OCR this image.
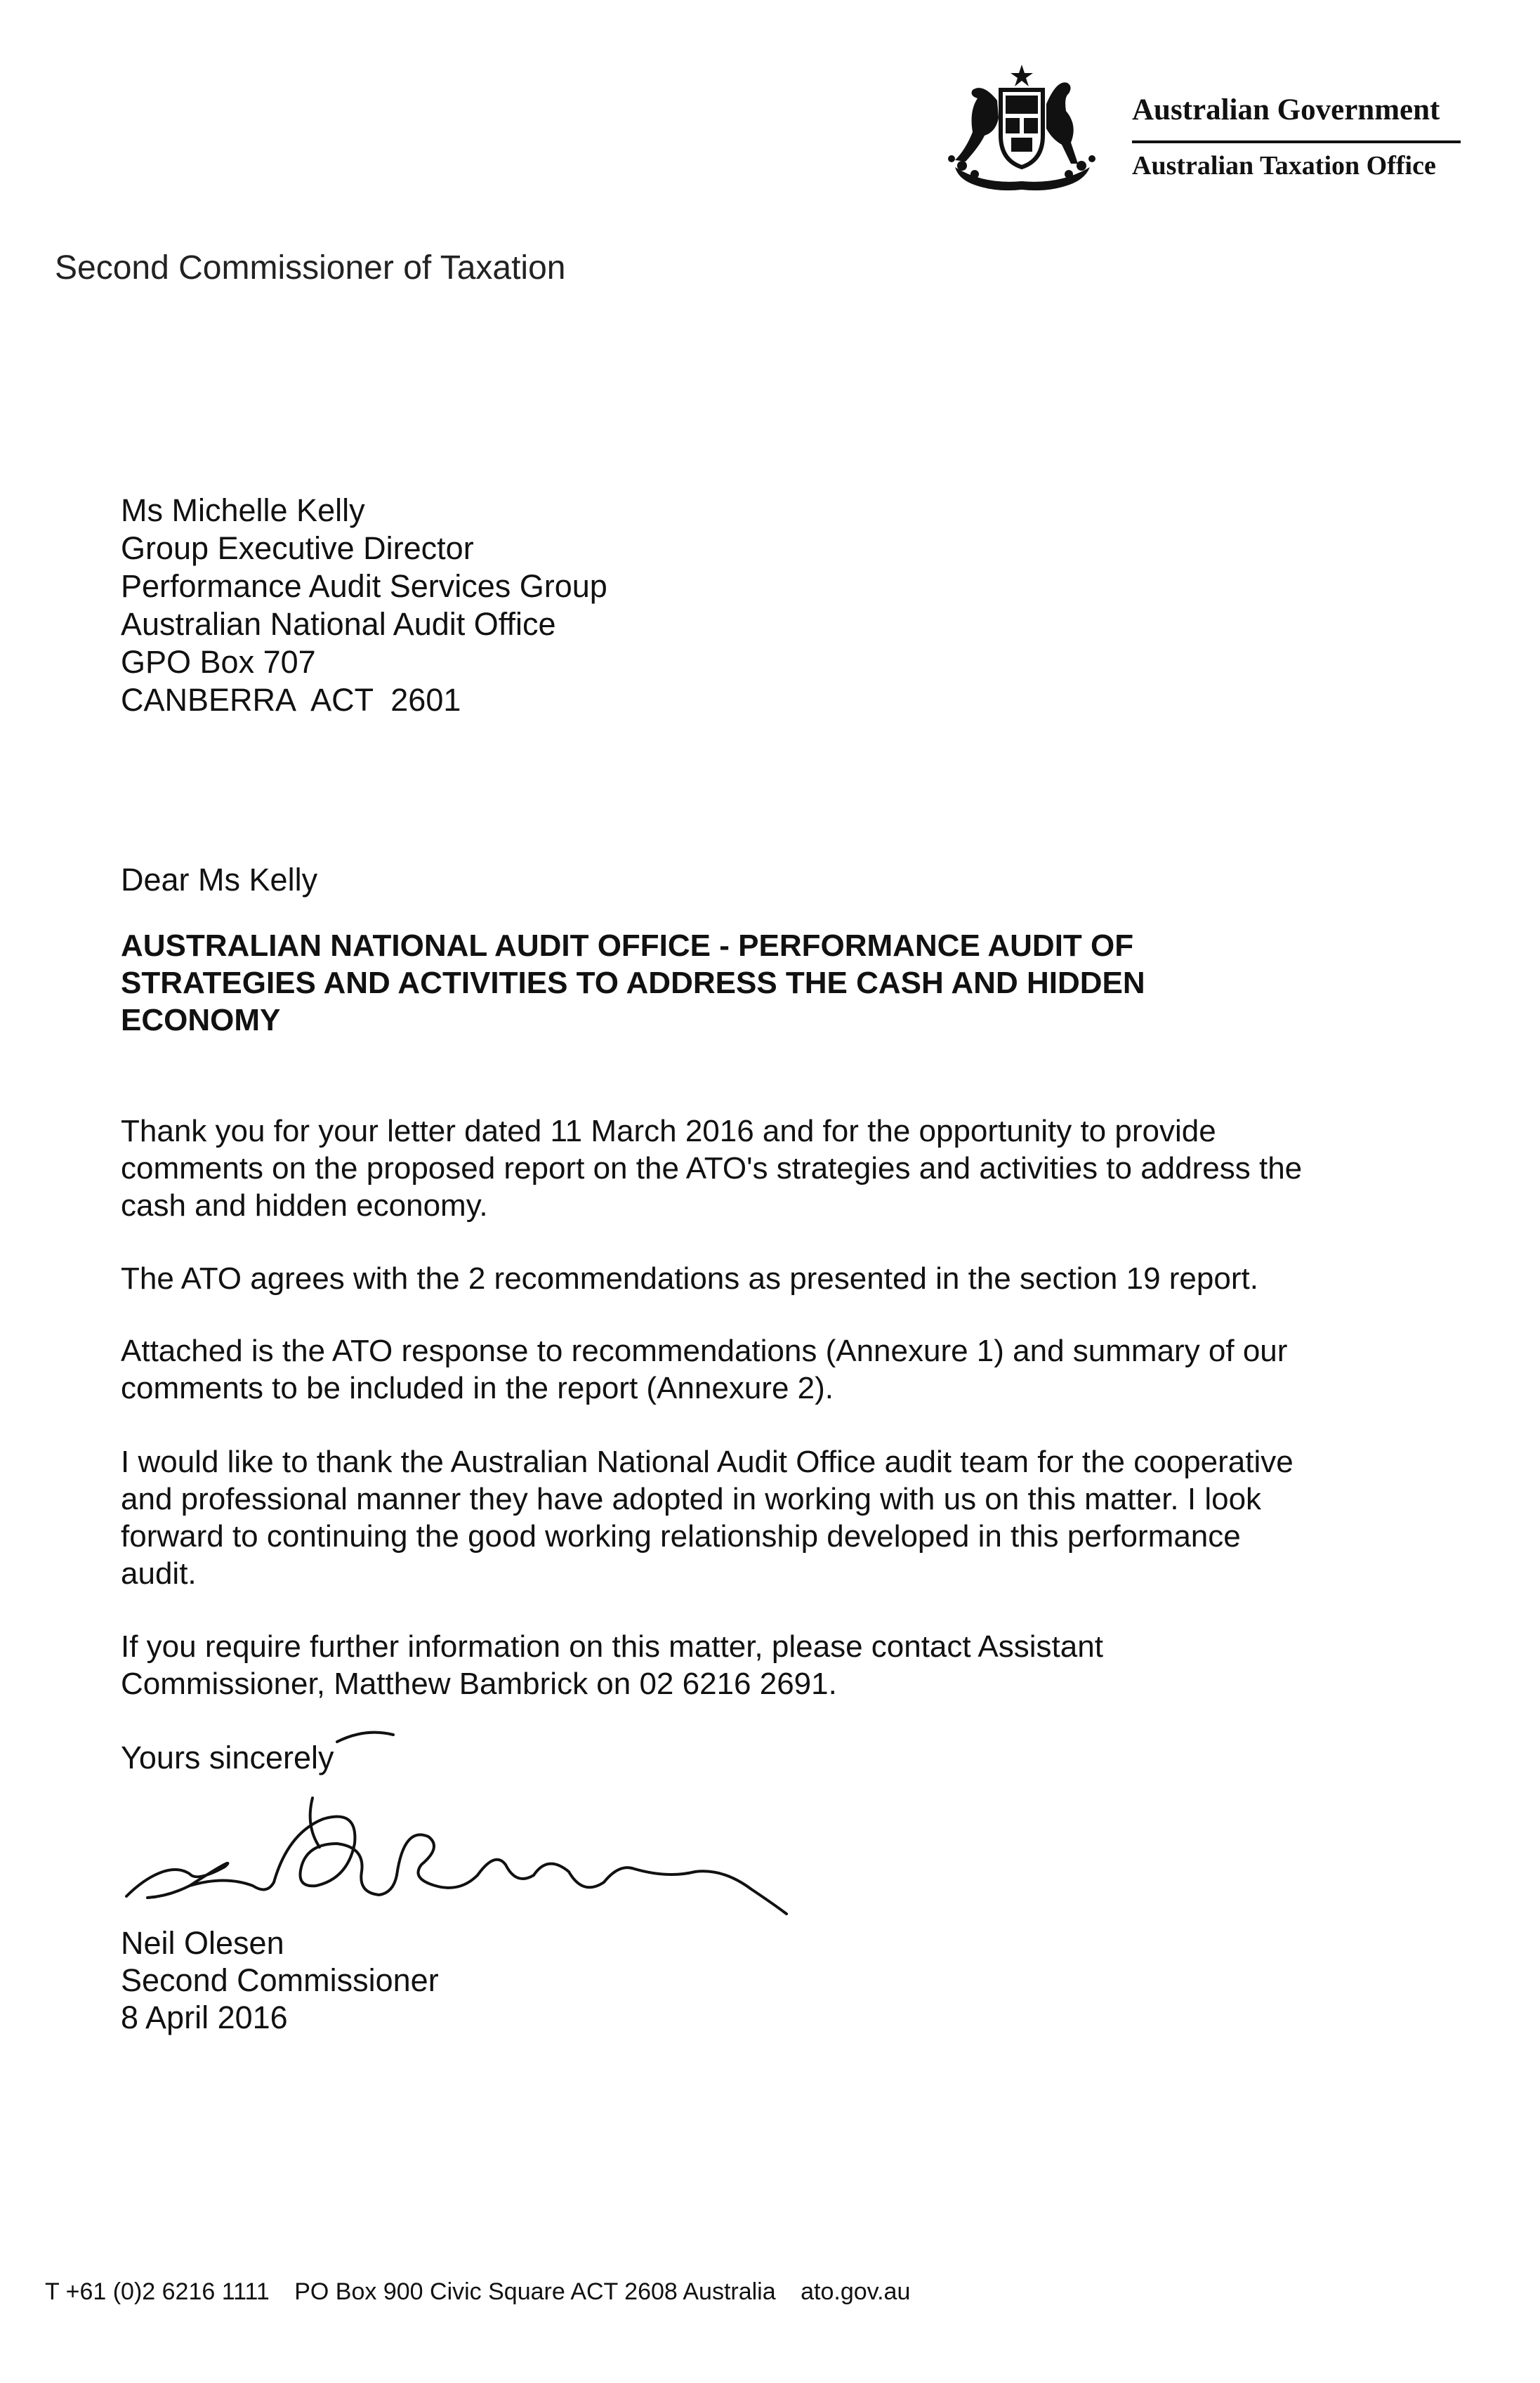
Australian Government
Australian Taxation Office
Second Commissioner of Taxation
Ms Michelle Kelly
Group Executive Director
Performance Audit Services Group
Australian National Audit Office
GPO Box 707
CANBERRA  ACT  2601
Dear Ms Kelly
AUSTRALIAN NATIONAL AUDIT OFFICE - PERFORMANCE AUDIT OF STRATEGIES AND ACTIVITIES TO ADDRESS THE CASH AND HIDDEN ECONOMY
Thank you for your letter dated 11 March 2016 and for the opportunity to provide comments on the proposed report on the ATO's strategies and activities to address the cash and hidden economy.
The ATO agrees with the 2 recommendations as presented in the section 19 report.
Attached is the ATO response to recommendations (Annexure 1) and summary of our comments to be included in the report (Annexure 2).
I would like to thank the Australian National Audit Office audit team for the cooperative and professional manner they have adopted in working with us on this matter. I look forward to continuing the good working relationship developed in this performance audit.
If you require further information on this matter, please contact Assistant Commissioner, Matthew Bambrick on 02 6216 2691.
Yours sincerely
Neil Olesen
Second Commissioner
8 April 2016
T +61 (0)2 6216 1111 PO Box 900 Civic Square ACT 2608 Australia ato.gov.au
